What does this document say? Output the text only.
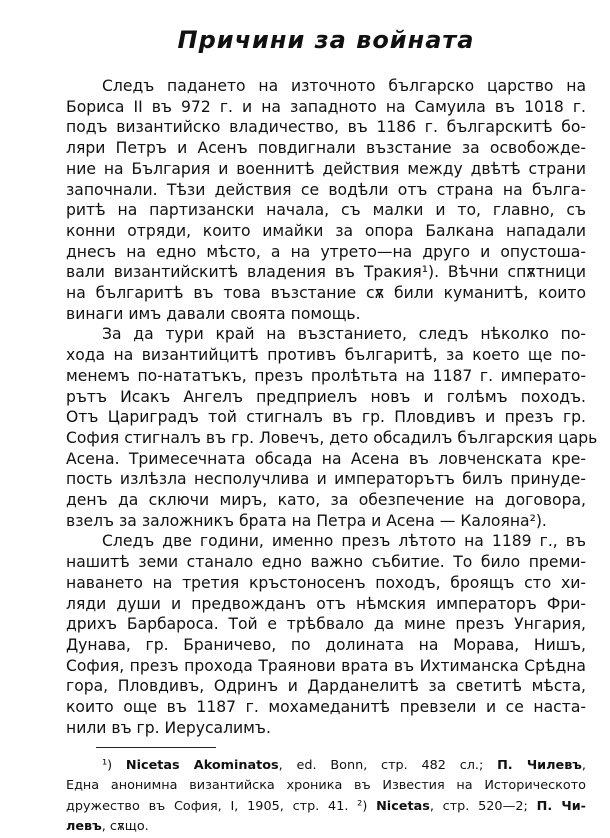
Причини за войната
Следъ падането на източното българско царство на
Бориса II въ 972 г. и на западното на Самуила въ 1018 г.
подъ византийско владичество, въ 1186 г. българскитѣ бо-
ляри Петръ и Асенъ повдигнали възстание за освобожде-
ние на България и военнитѣ действия между двѣтѣ страни
започнали. Тѣзи действия се водѣли отъ страна на бълга-
ритѣ на партизански начала, съ малки и то, главно, съ
конни отряди, които имайки за опора Балкана нападали
днесъ на едно мѣсто, а на утрето—на друго и опустоша-
вали византийскитѣ владения въ Тракия¹). Вѣчни спѫтници
на българитѣ въ това възстание сѫ били куманитѣ, които
винаги имъ давали своята помощь.
За да тури край на възстанието, следъ нѣколко по-
хода на византийцитѣ противъ българитѣ, за което ще по-
менемъ по-нататъкъ, презъ пролѣтьта на 1187 г. императо-
рътъ Исакъ Ангелъ предприелъ новъ и голѣмъ походъ.
Отъ Цариградъ той стигналъ въ гр. Пловдивъ и презъ гр.
София стигналъ въ гр. Ловечъ, дето обсадилъ българския царь
Асена. Тримесечната обсада на Асена въ ловченската кре-
пость излѣзла несполучлива и императорътъ билъ принуде-
денъ да сключи миръ, като, за обезпечение на договора,
взелъ за заложникъ брата на Петра и Асена — Калояна²).
Следъ две години, именно презъ лѣтото на 1189 г., въ
нашитѣ земи станало едно важно събитие. То било преми-
наването на третия кръстоносенъ походъ, броящъ сто хи-
ляди души и предвожданъ отъ нѣмския императоръ Фри-
дрихъ Барбароса. Той е трѣбвало да мине презъ Унгария,
Дунава, гр. Браничево, по долината на Морава, Нишъ,
София, презъ прохода Траянови врата въ Ихтиманска Срѣдна
гора, Пловдивъ, Одринъ и Дарданелитѣ за светитѣ мѣста,
които още въ 1187 г. мохамеданитѣ превзели и се наста-
нили въ гр. Иерусалимъ.
¹) Nicetas Akominatos, ed. Bonn, стр. 482 сл.; П. Чилевъ,
Една анонимна византийска хроника въ Известия на Историческото
дружество въ София, I, 1905, стр. 41. ²) Nicetas, стр. 520—2; П. Чи-
левъ, сѫщо.
